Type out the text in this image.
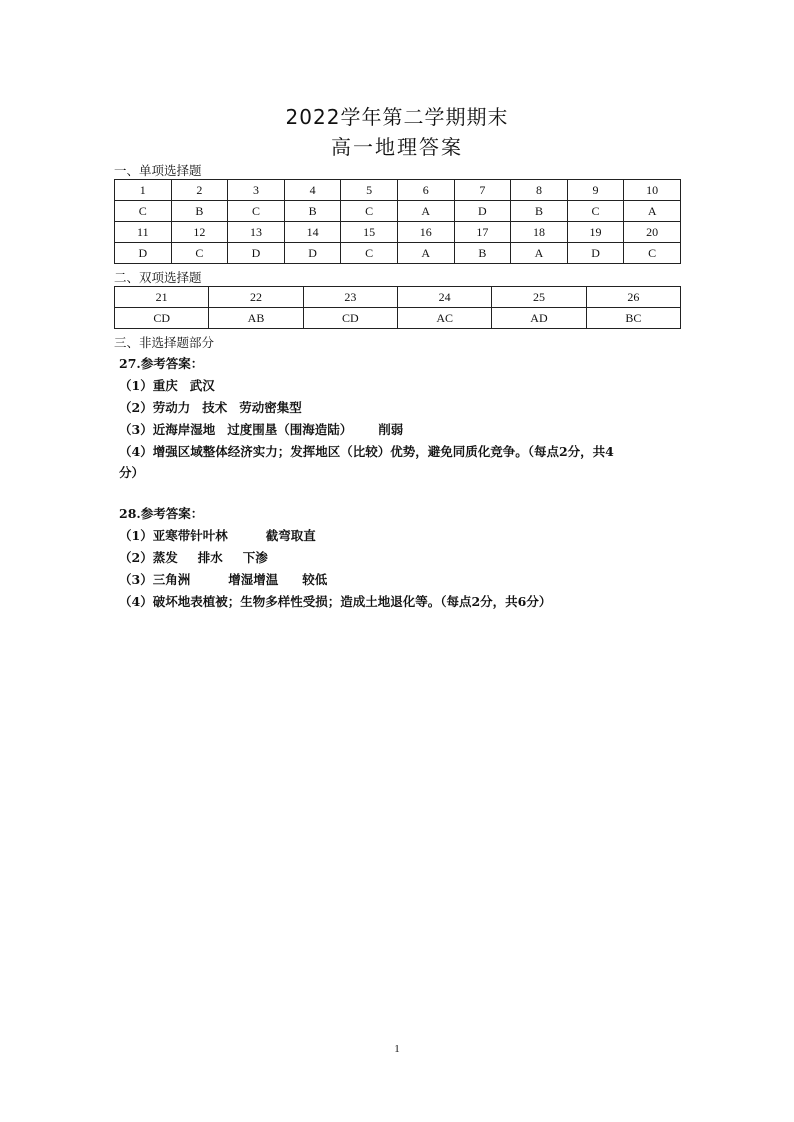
2022学年第二学期期末
高一地理答案
一、单项选择题
1	2	3	4	5	6	7	8	9	10
C	B	C	B	C	A	D	B	C	A
11	12	13	14	15	16	17	18	19	20
D	C	D	D	C	A	B	A	D	C
二、双项选择题
21	22	23	24	25	26
CD	AB	CD	AC	AD	BC
三、非选择题部分
27.参考答案：
（1）重庆 武汉
（2）劳动力 技术 劳动密集型
（3）近海岸湿地 过度围垦（围海造陆） 削弱
（4）增强区域整体经济实力；发挥地区（比较）优势，避免同质化竞争。（每点2分，共4
分）
28.参考答案：
（1）亚寒带针叶林	截弯取直
（2）蒸发 排水 下渗
（3）三角洲	增湿增温 较低
（4）破坏地表植被；生物多样性受损；造成土地退化等。（每点2分，共6分）
1
